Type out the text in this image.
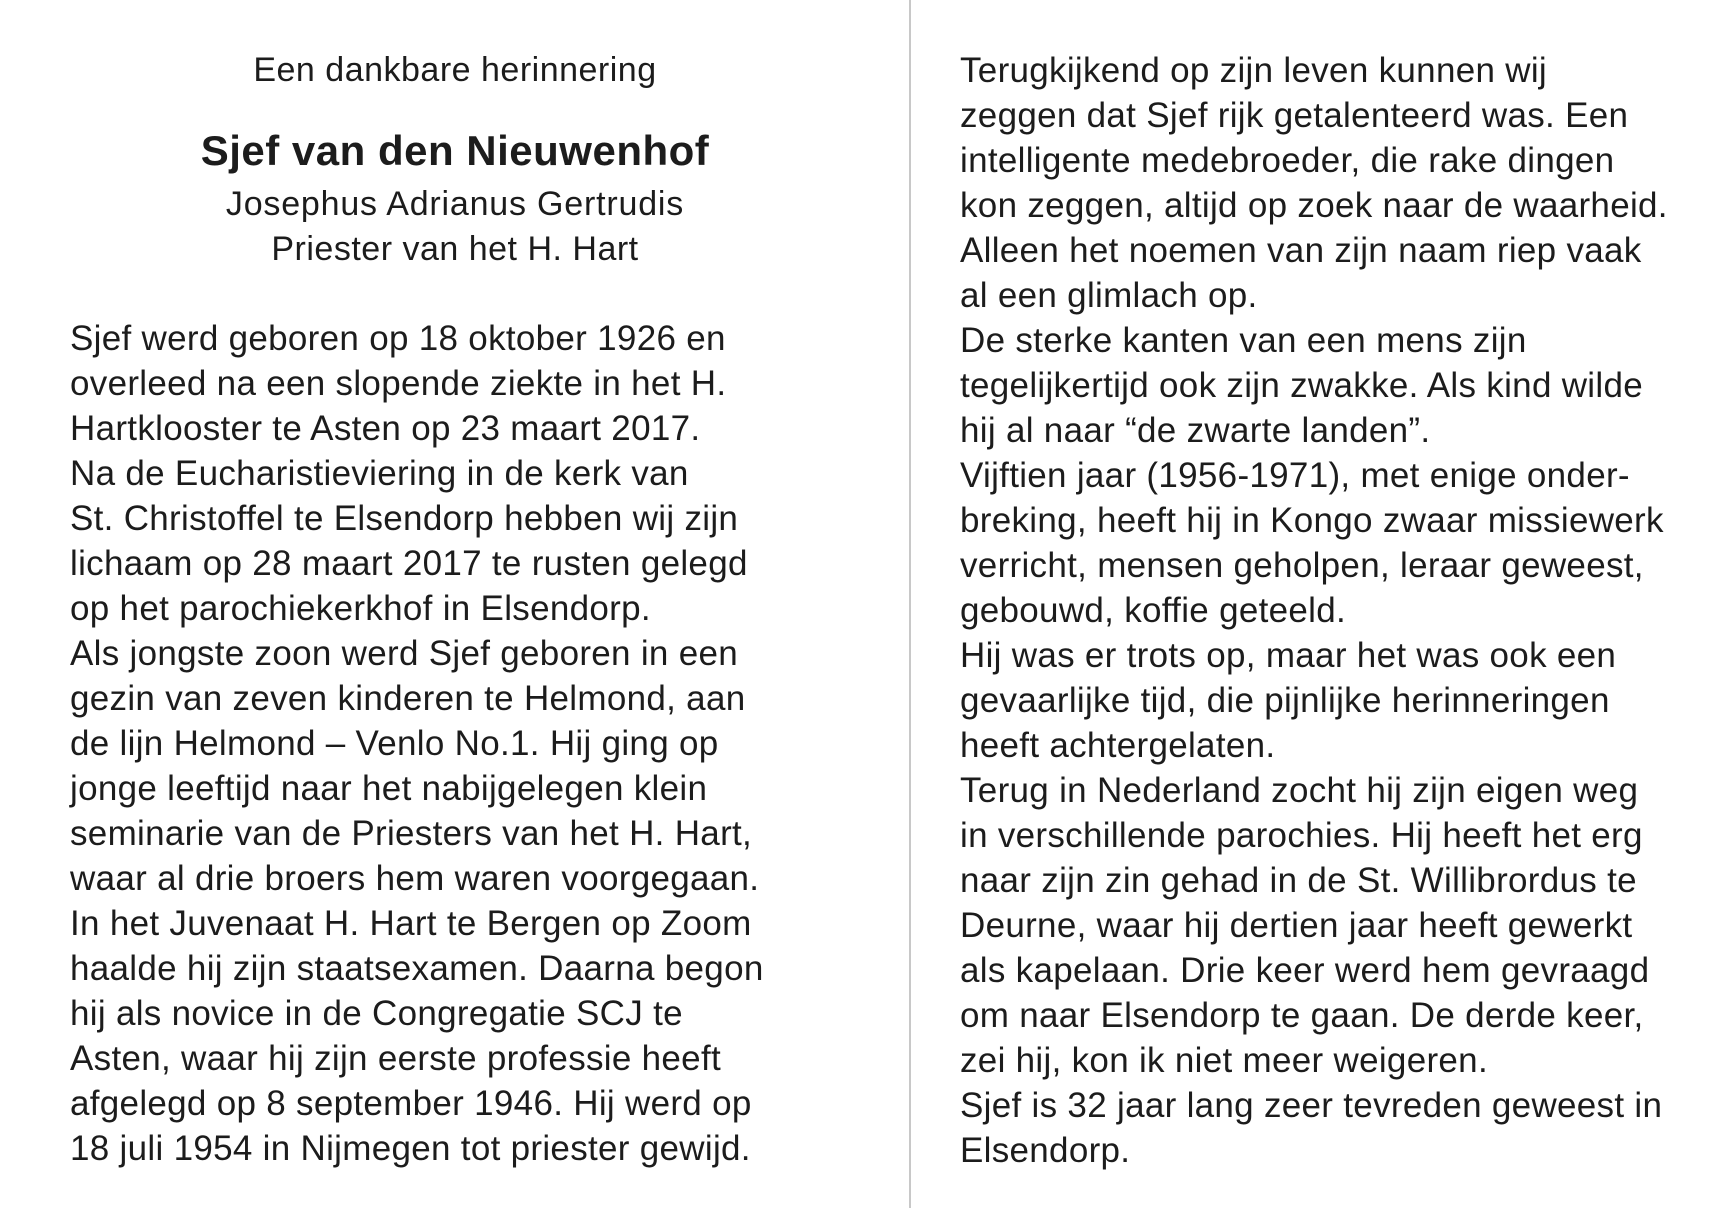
Een dankbare herinnering
Sjef van den Nieuwenhof
Josephus Adrianus Gertrudis
Priester van het H. Hart
Sjef werd geboren op 18 oktober 1926 en
overleed na een slopende ziekte in het H.
Hartklooster te Asten op 23 maart 2017.
Na de Eucharistieviering in de kerk van
St. Christoffel te Elsendorp hebben wij zijn
lichaam op 28 maart 2017 te rusten gelegd
op het parochiekerkhof in Elsendorp.
Als jongste zoon werd Sjef geboren in een
gezin van zeven kinderen te Helmond, aan
de lijn Helmond – Venlo No.1. Hij ging op
jonge leeftijd naar het nabijgelegen klein
seminarie van de Priesters van het H. Hart,
waar al drie broers hem waren voorgegaan.
In het Juvenaat H. Hart te Bergen op Zoom
haalde hij zijn staatsexamen. Daarna begon
hij als novice in de Congregatie SCJ te
Asten, waar hij zijn eerste professie heeft
afgelegd op 8 september 1946. Hij werd op
18 juli 1954 in Nijmegen tot priester gewijd.
Terugkijkend op zijn leven kunnen wij
zeggen dat Sjef rijk getalenteerd was. Een
intelligente medebroeder, die rake dingen
kon zeggen, altijd op zoek naar de waarheid.
Alleen het noemen van zijn naam riep vaak
al een glimlach op.
De sterke kanten van een mens zijn
tegelijkertijd ook zijn zwakke. Als kind wilde
hij al naar “de zwarte landen”.
Vijftien jaar (1956-1971), met enige onder-
breking, heeft hij in Kongo zwaar missiewerk
verricht, mensen geholpen, leraar geweest,
gebouwd, koffie geteeld.
Hij was er trots op, maar het was ook een
gevaarlijke tijd, die pijnlijke herinneringen
heeft achtergelaten.
Terug in Nederland zocht hij zijn eigen weg
in verschillende parochies. Hij heeft het erg
naar zijn zin gehad in de St. Willibrordus te
Deurne, waar hij dertien jaar heeft gewerkt
als kapelaan. Drie keer werd hem gevraagd
om naar Elsendorp te gaan. De derde keer,
zei hij, kon ik niet meer weigeren.
Sjef is 32 jaar lang zeer tevreden geweest in
Elsendorp.
